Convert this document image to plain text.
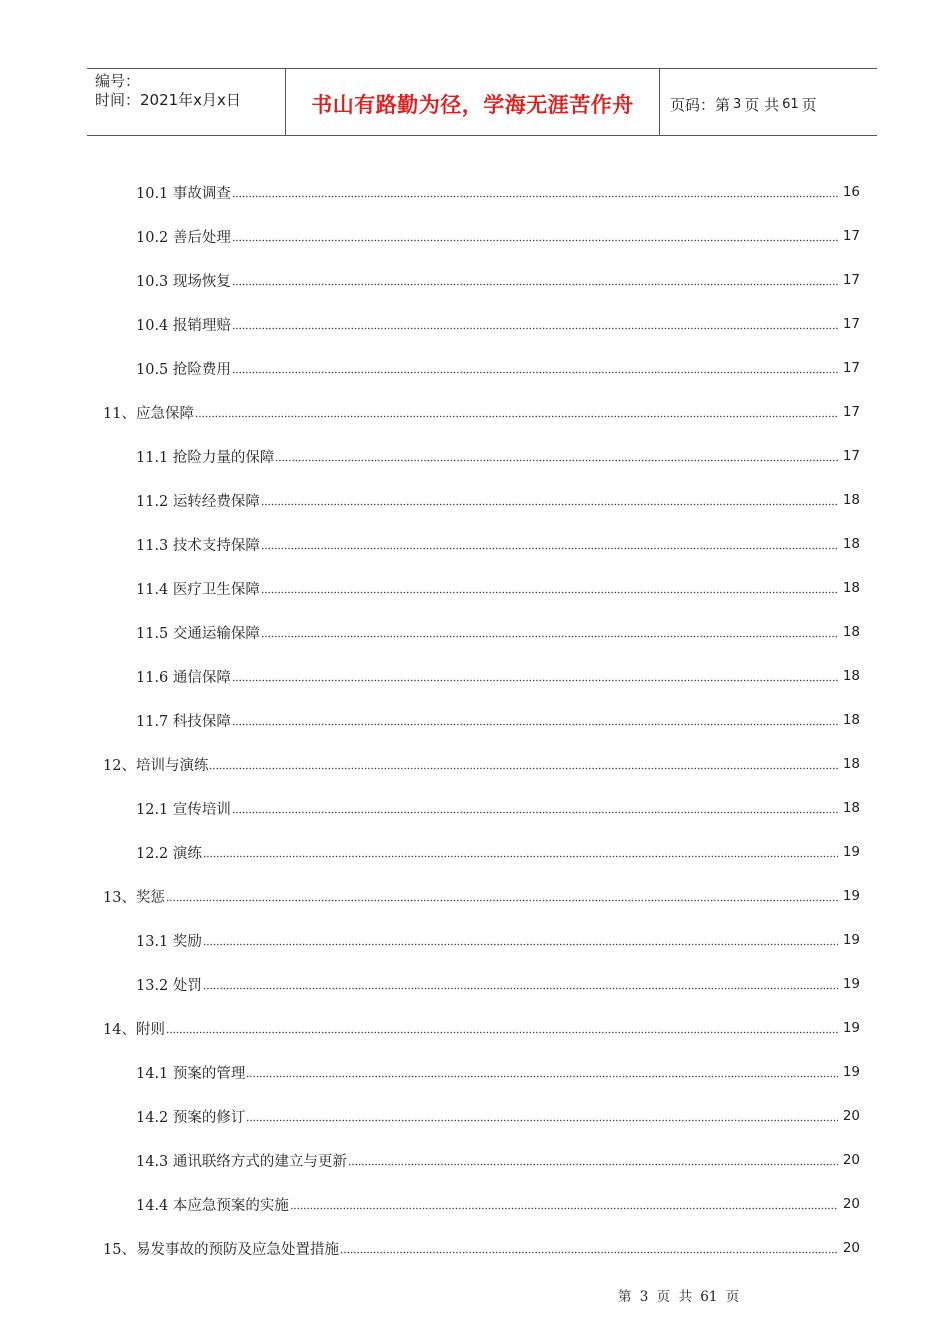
编号：
时间：2021年x月x日	书山有路勤为径，学海无涯苦作舟	页码：第 3 页 共 61 页
10.1 事故调查	16
10.2 善后处理	17
10.3 现场恢复	17
10.4 报销理赔	17
10.5 抢险费用	17
11、应急保障	17
11.1 抢险力量的保障	17
11.2 运转经费保障	18
11.3 技术支持保障	18
11.4 医疗卫生保障	18
11.5 交通运输保障	18
11.6 通信保障	18
11.7 科技保障	18
12、培训与演练	18
12.1 宣传培训	18
12.2 演练	19
13、奖惩	19
13.1 奖励	19
13.2 处罚	19
14、附则	19
14.1 预案的管理	19
14.2 预案的修订	20
14.3 通讯联络方式的建立与更新	20
14.4 本应急预案的实施	20
15、易发事故的预防及应急处置措施	20
第 3 页 共 61 页
